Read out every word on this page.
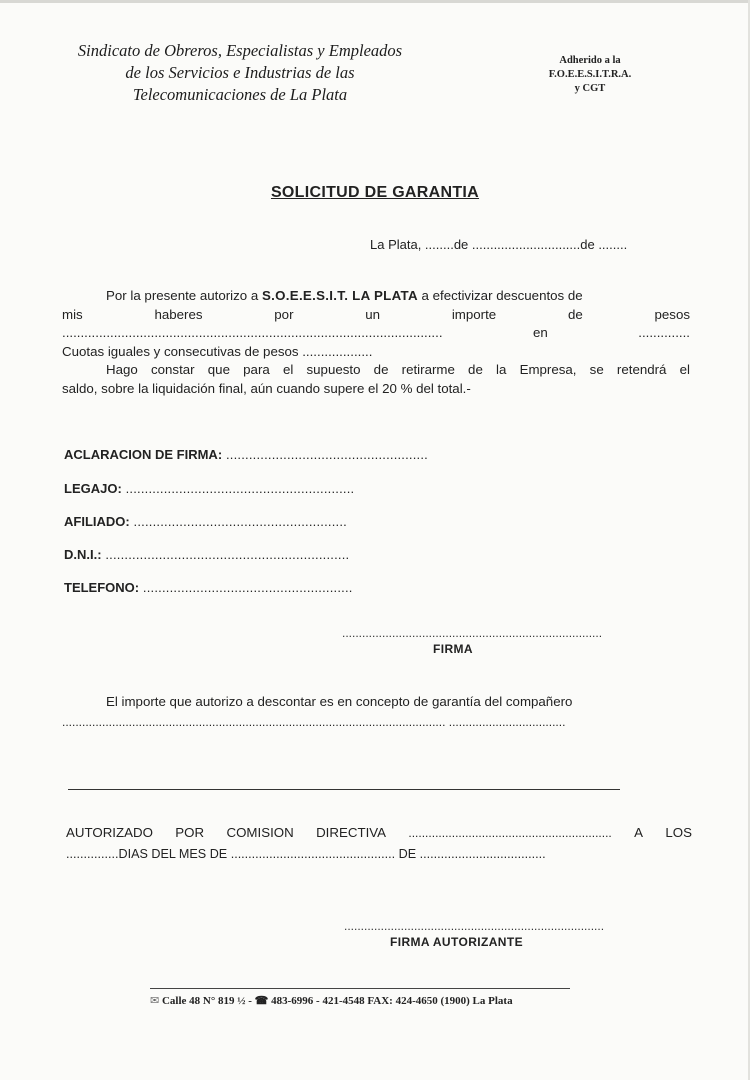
Sindicato de Obreros, Especialistas y Empleados
de los Servicios e Industrias de las
Telecomunicaciones de La Plata
Adherido a la
F.O.E.E.S.I.T.R.A.
y CGT
SOLICITUD DE GARANTIA
La Plata, ........de ..............................de ........
Por la presente autorizo a S.O.E.E.S.I.T. LA PLATA a efectivizar descuentos de
mis	haberes	por	un	importe	de	pesos
.......................................................................................................	en	..............
Cuotas iguales y consecutivas de pesos ...................
Hago constar que para el supuesto de retirarme de la Empresa, se retendrá el
saldo, sobre la liquidación final, aún cuando supere el 20 % del total.-
ACLARACION DE FIRMA: .....................................................
LEGAJO: ............................................................
AFILIADO: ........................................................
D.N.I.: ................................................................
TELEFONO: .......................................................
..............................................................................
FIRMA
El importe que autorizo a descontar es en concepto de garantía del compañero
................................................................................................................... ...................................
AUTORIZADO POR COMISION DIRECTIVA ............................................................. A LOS
...............DIAS DEL MES DE ............................................... DE ....................................
..............................................................................
FIRMA AUTORIZANTE
✉ Calle 48 N° 819 ½ - ☎ 483-6996 - 421-4548 FAX: 424-4650 (1900) La Plata
